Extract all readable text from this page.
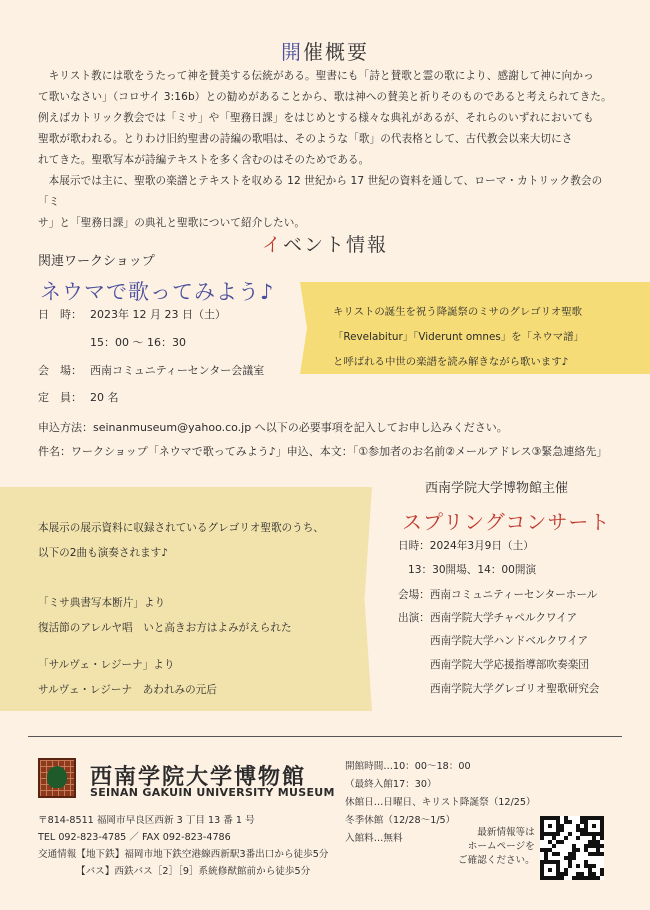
開催概要

キリスト教には歌をうたって神を賛美する伝統がある。聖書にも「詩と賛歌と霊の歌により、感謝して神に向かっ
て歌いなさい」（コロサイ 3:16b）との勧めがあることから、歌は神への賛美と祈りそのものであると考えられてきた。
例えばカトリック教会では「ミサ」や「聖務日課」をはじめとする様々な典礼があるが、それらのいずれにおいても
聖歌が歌われる。とりわけ旧約聖書の詩編の歌唱は、そのような「歌」の代表格として、古代教会以来大切にさ
れてきた。聖歌写本が詩編テキストを多く含むのはそのためである。

本展示では主に、聖歌の楽譜とテキストを収める 12 世紀から 17 世紀の資料を通して、ローマ・カトリック教会の「ミ
サ」と「聖務日課」の典礼と聖歌について紹介したい。

イベント情報
関連ワークショップ
ネウマで歌ってみよう♪
キリストの誕生を祝う降誕祭のミサのグレゴリオ聖歌
「Revelabitur」「Viderunt omnes」を「ネウマ譜」
と呼ばれる中世の楽譜を読み解きながら歌います♪
日　時： 2023年 12 月 23 日（土）
15：00 ～ 16：30
会　場： 西南コミュニティーセンター会議室
定　員： 20 名
申込方法：seinanmuseum@yahoo.co.jp へ以下の必要事項を記入してお申し込みください。
件名：ワークショップ「ネウマで歌ってみよう♪」申込、本文：「①参加者のお名前②メールアドレス③緊急連絡先」

本展示の展示資料に収録されているグレゴリオ聖歌のうち、

以下の2曲も演奏されます♪

「ミサ典書写本断片」より

復活節のアレルヤ唱　いと高きお方はよみがえられた

「サルヴェ・レジーナ」より

サルヴェ・レジーナ　あわれみの元后

西南学院大学博物館主催
スプリングコンサート
日時：2024年3月9日（土）
13：30開場、14：00開演
会場：西南コミュニティーセンターホール
出演： 西南学院大学チャペルクワイア
西南学院大学ハンドベルクワイア
西南学院大学応援指導部吹奏楽団
西南学院大学グレゴリオ聖歌研究会
西南学院大学博物館
SEINAN GAKUIN UNIVERSITY MUSEUM
〒814-8511 福岡市早良区西新 3 丁目 13 番 1 号
TEL 092-823-4785 ／ FAX 092-823-4786
交通情報【地下鉄】福岡市地下鉄空港線西新駅3番出口から徒歩5分
【バス】西鉄バス［2］［9］系統修猷館前から徒歩5分
開館時間…10：00～18：00
（最終入館17：30）
休館日…日曜日、キリスト降誕祭（12/25）
冬季休館（12/28～1/5）
入館料…無料
最新情報等は
ホームページを
ご確認ください。
